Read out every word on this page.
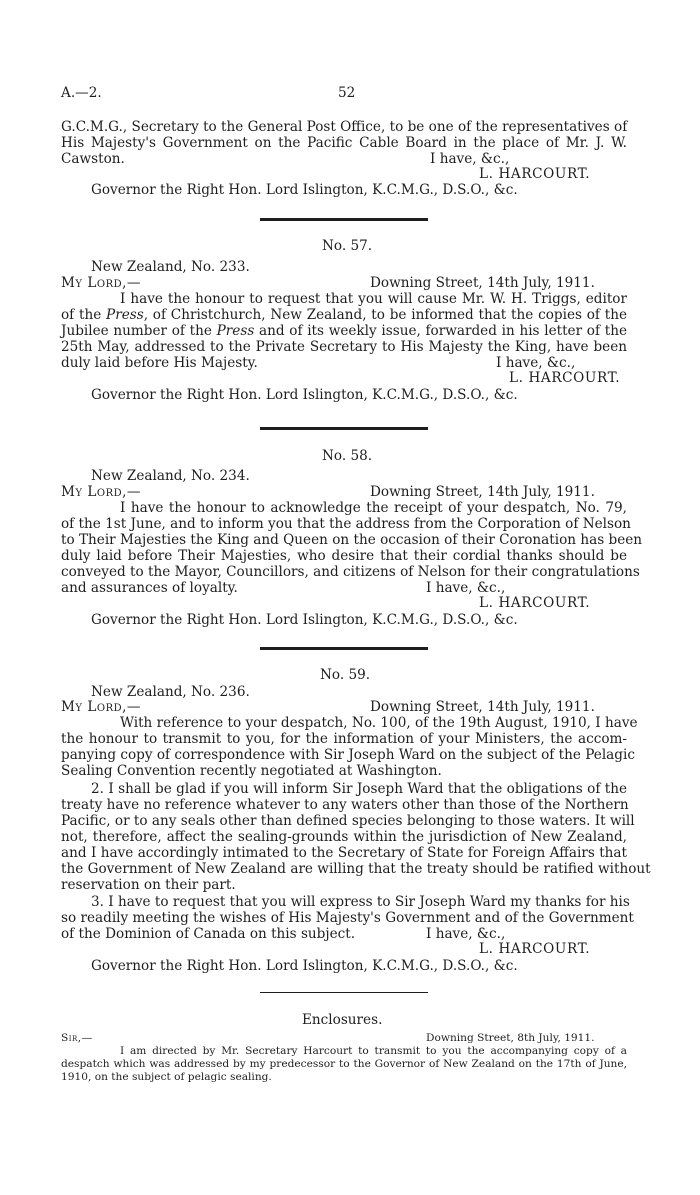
A.—2.	52
G.C.M.G., Secretary to the General Post Office, to be one of the representatives of
His Majesty's Government on the Pacific Cable Board in the place of Mr. J. W.
Cawston.	I have, &c.,
L. HARCOURT.
Governor the Right Hon. Lord Islington, K.C.M.G., D.S.O., &c.
No. 57.
New Zealand, No. 233.
My Lord,—	Downing Street, 14th July, 1911.
I have the honour to request that you will cause Mr. W. H. Triggs, editor
of the Press, of Christchurch, New Zealand, to be informed that the copies of the
Jubilee number of the Press and of its weekly issue, forwarded in his letter of the
25th May, addressed to the Private Secretary to His Majesty the King, have been
duly laid before His Majesty.	I have, &c.,
L. HARCOURT.
Governor the Right Hon. Lord Islington, K.C.M.G., D.S.O., &c.
No. 58.
New Zealand, No. 234.
My Lord,—	Downing Street, 14th July, 1911.
I have the honour to acknowledge the receipt of your despatch, No. 79,
of the 1st June, and to inform you that the address from the Corporation of Nelson
to Their Majesties the King and Queen on the occasion of their Coronation has been
duly laid before Their Majesties, who desire that their cordial thanks should be
conveyed to the Mayor, Councillors, and citizens of Nelson for their congratulations
and assurances of loyalty.	I have, &c.,
L. HARCOURT.
Governor the Right Hon. Lord Islington, K.C.M.G., D.S.O., &c.
No. 59.
New Zealand, No. 236.
My Lord,—	Downing Street, 14th July, 1911.
With reference to your despatch, No. 100, of the 19th August, 1910, I have
the honour to transmit to you, for the information of your Ministers, the accom-
panying copy of correspondence with Sir Joseph Ward on the subject of the Pelagic
Sealing Convention recently negotiated at Washington.
2. I shall be glad if you will inform Sir Joseph Ward that the obligations of the
treaty have no reference whatever to any waters other than those of the Northern
Pacific, or to any seals other than defined species belonging to those waters. It will
not, therefore, affect the sealing-grounds within the jurisdiction of New Zealand,
and I have accordingly intimated to the Secretary of State for Foreign Affairs that
the Government of New Zealand are willing that the treaty should be ratified without
reservation on their part.
3. I have to request that you will express to Sir Joseph Ward my thanks for his
so readily meeting the wishes of His Majesty's Government and of the Government
of the Dominion of Canada on this subject.	I have, &c.,
L. HARCOURT.
Governor the Right Hon. Lord Islington, K.C.M.G., D.S.O., &c.
Enclosures.
Sir,—	Downing Street, 8th July, 1911.
I am directed by Mr. Secretary Harcourt to transmit to you the accompanying copy of a
despatch which was addressed by my predecessor to the Governor of New Zealand on the 17th of June,
1910, on the subject of pelagic sealing.
